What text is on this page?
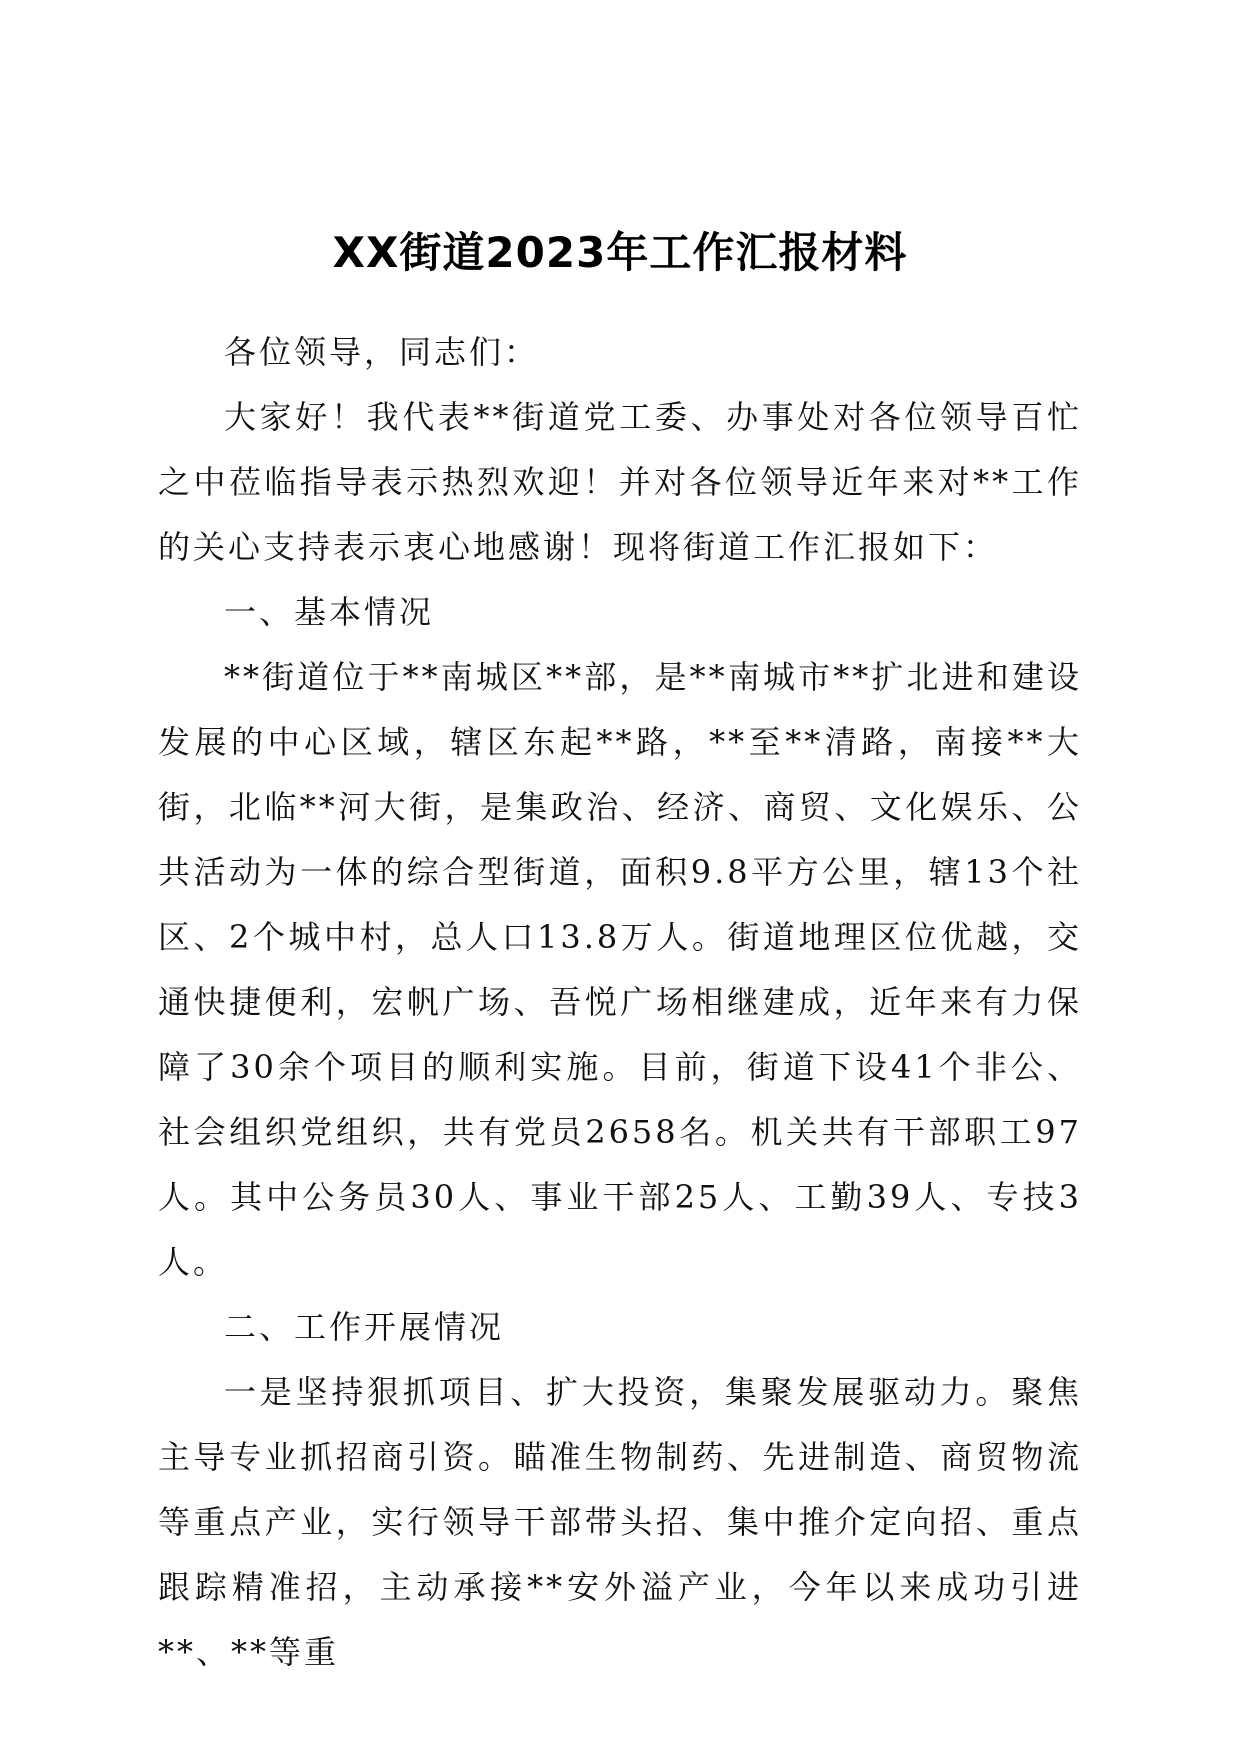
XX街道2023年工作汇报材料

各位领导，同志们：

大家好！我代表**街道党工委、办事处对各位领导百忙之中莅临指导表示热烈欢迎！并对各位领导近年来对**工作的关心支持表示衷心地感谢！现将街道工作汇报如下：

一、基本情况

**街道位于**南城区**部，是**南城市**扩北进和建设发展的中心区域，辖区东起**路，**至**清路，南接**大街，北临**河大街，是集政治、经济、商贸、文化娱乐、公共活动为一体的综合型街道，面积9.8平方公里，辖13个社区、2个城中村，总人口13.8万人。街道地理区位优越，交通快捷便利，宏帆广场、吾悦广场相继建成，近年来有力保障了30余个项目的顺利实施。目前，街道下设41个非公、社会组织党组织，共有党员2658名。机关共有干部职工97人。其中公务员30人、事业干部25人、工勤39人、专技3人。

二、工作开展情况

一是坚持狠抓项目、扩大投资，集聚发展驱动力。聚焦主导专业抓招商引资。瞄准生物制药、先进制造、商贸物流等重点产业，实行领导干部带头招、集中推介定向招、重点跟踪精准招，主动承接**安外溢产业，今年以来成功引进**、**等重
